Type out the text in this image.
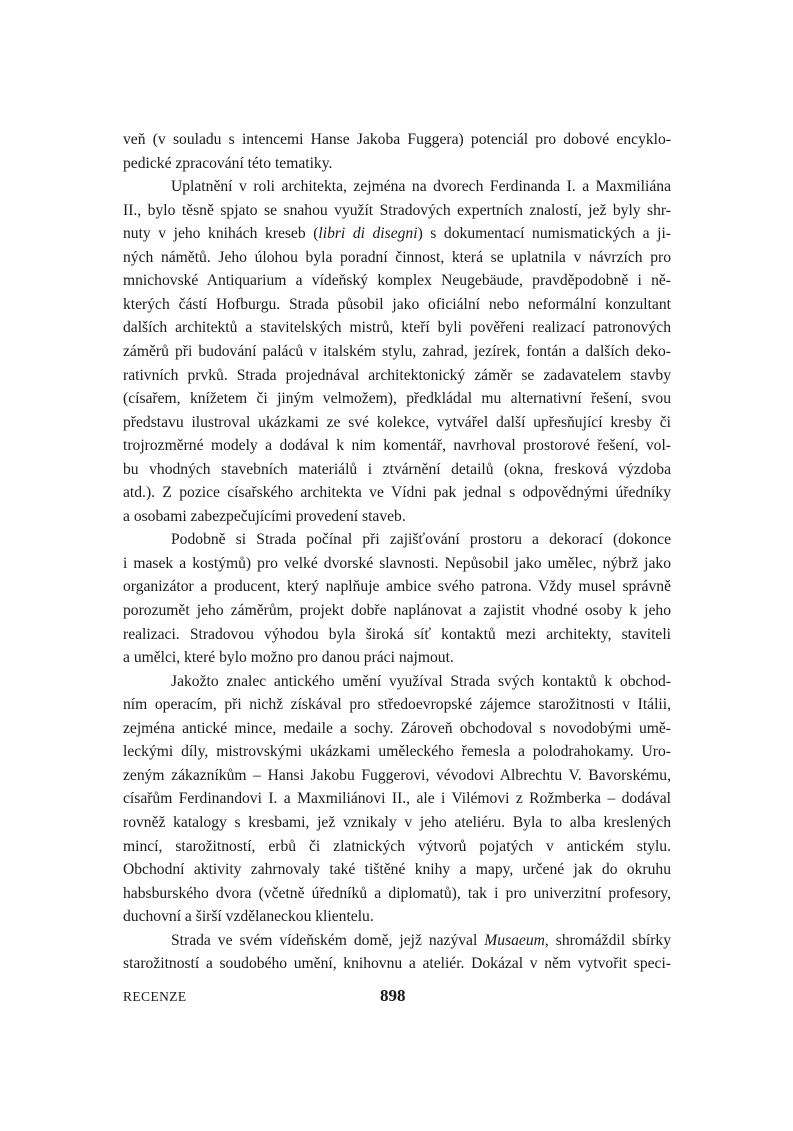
veň (v souladu s intencemi Hanse Jakoba Fuggera) potenciál pro dobové encyklo-
pedické zpracování této tematiky.
Uplatnění v roli architekta, zejména na dvorech Ferdinanda I. a Maxmiliána
II., bylo těsně spjato se snahou využít Stradových expertních znalostí, jež byly shr-
nuty v jeho knihách kreseb (libri di disegni) s dokumentací numismatických a ji-
ných námětů. Jeho úlohou byla poradní činnost, která se uplatnila v návrzích pro
mnichovské Antiquarium a vídeňský komplex Neugebäude, pravděpodobně i ně-
kterých částí Hofburgu. Strada působil jako oficiální nebo neformální konzultant
dalších architektů a stavitelských mistrů, kteří byli pověřeni realizací patronových
záměrů při budování paláců v italském stylu, zahrad, jezírek, fontán a dalších deko-
rativních prvků. Strada projednával architektonický záměr se zadavatelem stavby
(císařem, knížetem či jiným velmožem), předkládal mu alternativní řešení, svou
představu ilustroval ukázkami ze své kolekce, vytvářel další upřesňující kresby či
trojrozměrné modely a dodával k nim komentář, navrhoval prostorové řešení, vol-
bu vhodných stavebních materiálů i ztvárnění detailů (okna, fresková výzdoba
atd.). Z pozice císařského architekta ve Vídni pak jednal s odpovědnými úředníky
a osobami zabezpečujícími provedení staveb.
Podobně si Strada počínal při zajišťování prostoru a dekorací (dokonce
i masek a kostýmů) pro velké dvorské slavnosti. Nepůsobil jako umělec, nýbrž jako
organizátor a producent, který naplňuje ambice svého patrona. Vždy musel správně
porozumět jeho záměrům, projekt dobře naplánovat a zajistit vhodné osoby k jeho
realizaci. Stradovou výhodou byla široká síť kontaktů mezi architekty, staviteli
a umělci, které bylo možno pro danou práci najmout.
Jakožto znalec antického umění využíval Strada svých kontaktů k obchod-
ním operacím, při nichž získával pro středoevropské zájemce starožitnosti v Itálii,
zejména antické mince, medaile a sochy. Zároveň obchodoval s novodobými umě-
leckými díly, mistrovskými ukázkami uměleckého řemesla a polodrahokamy. Uro-
zeným zákazníkům – Hansi Jakobu Fuggerovi, vévodovi Albrechtu V. Bavorskému,
císařům Ferdinandovi I. a Maxmiliánovi II., ale i Vilémovi z Rožmberka – dodával
rovněž katalogy s kresbami, jež vznikaly v jeho ateliéru. Byla to alba kreslených
mincí, starožitností, erbů či zlatnických výtvorů pojatých v antickém stylu.
Obchodní aktivity zahrnovaly také tištěné knihy a mapy, určené jak do okruhu
habsburského dvora (včetně úředníků a diplomatů), tak i pro univerzitní profesory,
duchovní a širší vzdělaneckou klientelu.
Strada ve svém vídeňském domě, jejž nazýval Musaeum, shromáždil sbírky
starožitností a soudobého umění, knihovnu a ateliér. Dokázal v něm vytvořit speci-
RECENZE	898
